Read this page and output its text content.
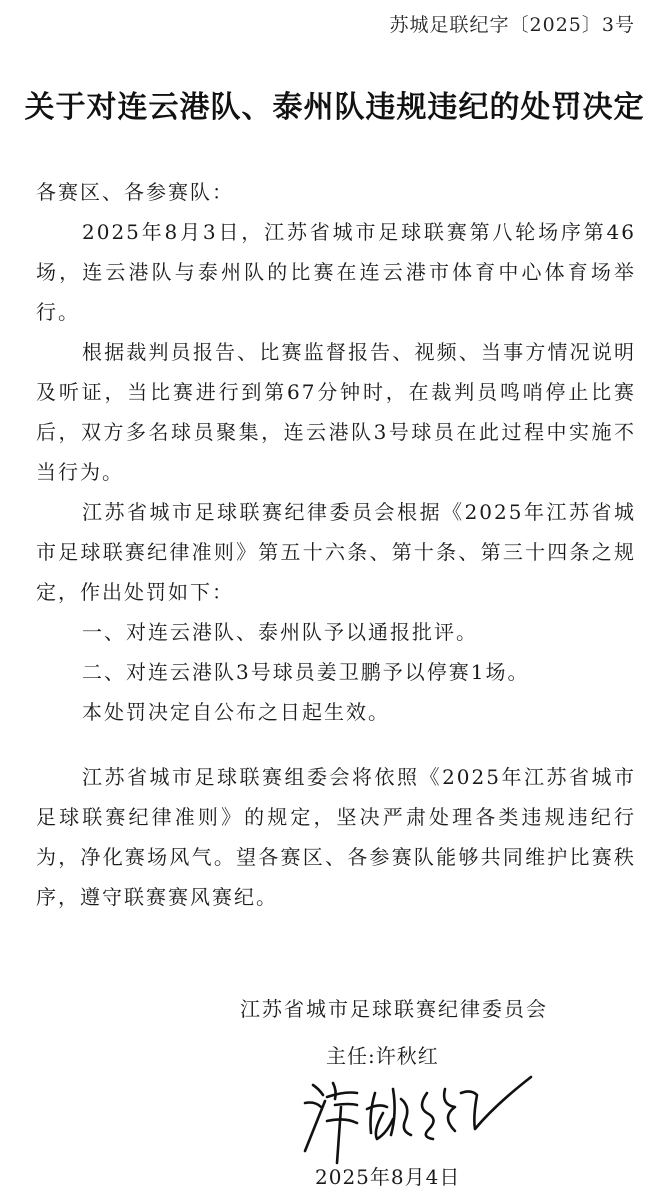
苏城足联纪字〔2025〕3号
关于对连云港队、泰州队违规违纪的处罚决定

各赛区、各参赛队：

2025年8月3日，江苏省城市足球联赛第八轮场序第46场，连云港队与泰州队的比赛在连云港市体育中心体育场举行。

根据裁判员报告、比赛监督报告、视频、当事方情况说明及听证，当比赛进行到第67分钟时，在裁判员鸣哨停止比赛后，双方多名球员聚集，连云港队3号球员在此过程中实施不当行为。

江苏省城市足球联赛纪律委员会根据《2025年江苏省城市足球联赛纪律准则》第五十六条、第十条、第三十四条之规定，作出处罚如下：

一、对连云港队、泰州队予以通报批评。

二、对连云港队3号球员姜卫鹏予以停赛1场。

本处罚决定自公布之日起生效。

江苏省城市足球联赛组委会将依照《2025年江苏省城市足球联赛纪律准则》的规定，坚决严肃处理各类违规违纪行为，净化赛场风气。望各赛区、各参赛队能够共同维护比赛秩序，遵守联赛赛风赛纪。

江苏省城市足球联赛纪律委员会
主任:许秋红
2025年8月4日
